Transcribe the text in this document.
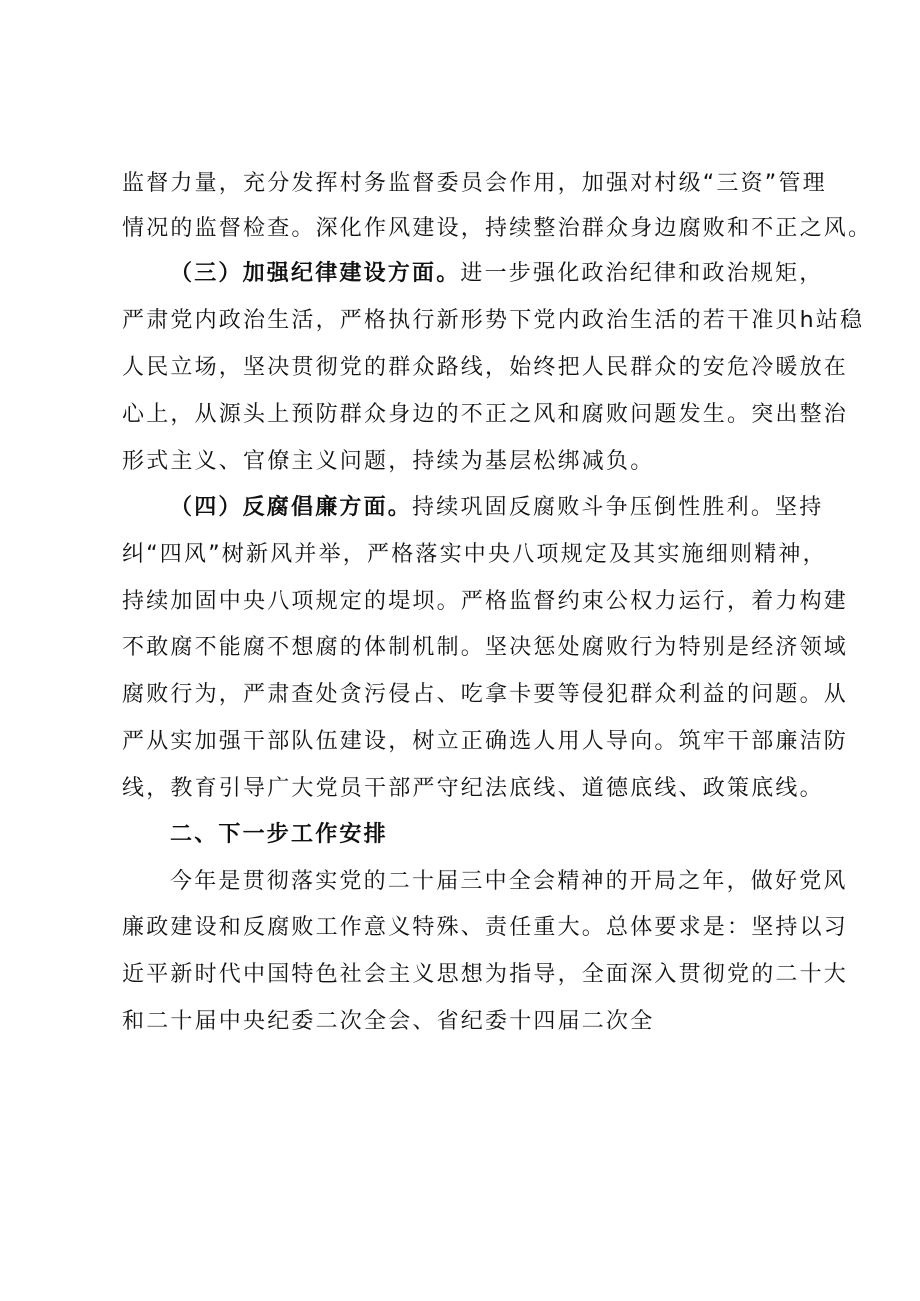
监督力量，充分发挥村务监督委员会作用，加强对村级“三资”管理
情况的监督检查。深化作风建设，持续整治群众身边腐败和不正之风。
（三）加强纪律建设方面。进一步强化政治纪律和政治规矩，
严肃党内政治生活，严格执行新形势下党内政治生活的若干准贝h站稳
人民立场，坚决贯彻党的群众路线，始终把人民群众的安危冷暖放在
心上，从源头上预防群众身边的不正之风和腐败问题发生。突出整治
形式主义、官僚主义问题，持续为基层松绑减负。
（四）反腐倡廉方面。持续巩固反腐败斗争压倒性胜利。坚持
纠“四风”树新风并举，严格落实中央八项规定及其实施细则精神，
持续加固中央八项规定的堤坝。严格监督约束公权力运行，着力构建
不敢腐不能腐不想腐的体制机制。坚决惩处腐败行为特别是经济领域
腐败行为，严肃查处贪污侵占、吃拿卡要等侵犯群众利益的问题。从
严从实加强干部队伍建设，树立正确选人用人导向。筑牢干部廉洁防
线，教育引导广大党员干部严守纪法底线、道德底线、政策底线。
二、下一步工作安排
今年是贯彻落实党的二十届三中全会精神的开局之年，做好党风
廉政建设和反腐败工作意义特殊、责任重大。总体要求是：坚持以习
近平新时代中国特色社会主义思想为指导，全面深入贯彻党的二十大
和二十届中央纪委二次全会、省纪委十四届二次全
